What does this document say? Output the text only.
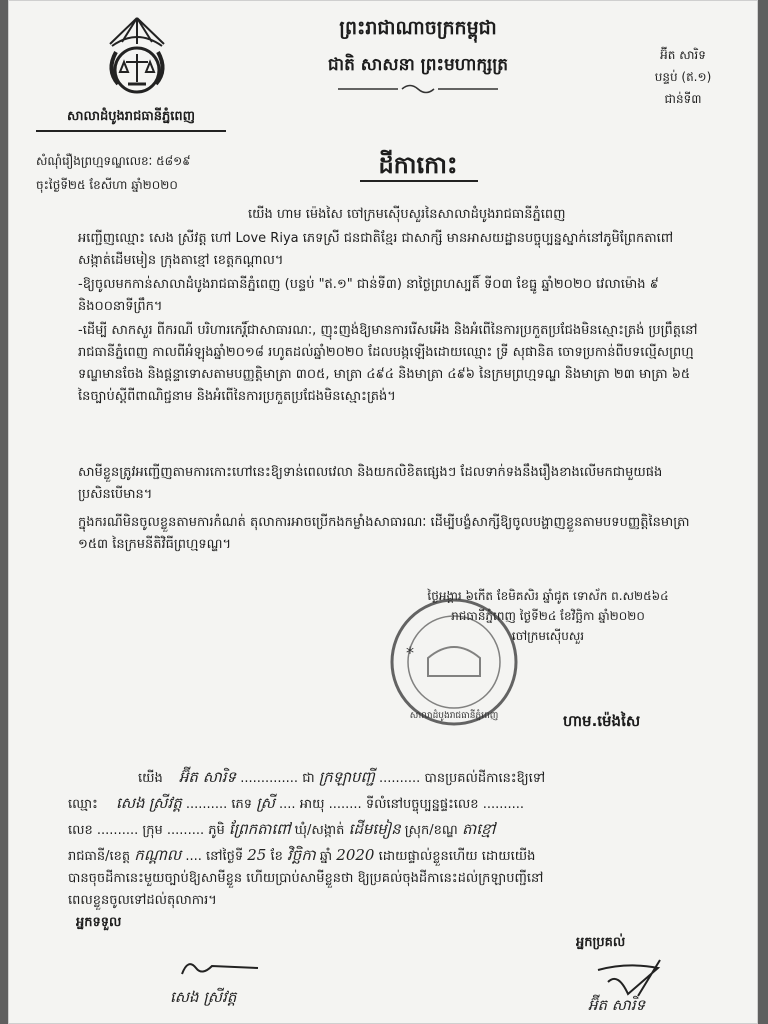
សាលាដំបូងរាជធានីភ្នំពេញ
ព្រះរាជាណាចក្រកម្ពុជា
ជាតិ សាសនា ព្រះមហាក្សត្រ	អ៊ីត សារិទ
បន្ទប់ (ឥ.១)
ជាន់ទី៣
សំណុំរឿងព្រហ្មទណ្ឌលេខៈ ៥៨១៩
ចុះថ្ងៃទី២៥ ខែសីហា ឆ្នាំ២០២០
ដីកាកោះ
យើង ហាម ម៉េងសៃ ចៅក្រមស៊ើបសួរនៃសាលាដំបូងរាជធានីភ្នំពេញ
អញ្ជើញឈ្មោះ សេង ស្រីវត្ត ហៅ Love Riya ភេទស្រី ជនជាតិខ្មែរ ជាសាក្សី មានអាសយដ្ឋានបច្ចុប្បន្នស្នាក់នៅភូមិព្រែកតាពៅ សង្កាត់ដើមមៀន ក្រុងតាខ្មៅ ខេត្តកណ្តាល។
-ឱ្យចូលមកកាន់សាលាដំបូងរាជធានីភ្នំពេញ (បន្ទប់ "ឥ.១" ជាន់ទី៣) នាថ្ងៃព្រហស្បតិ៍ ទី០៣ ខែធ្នូ ឆ្នាំ២០២០ វេលាម៉ោង ៩ និង០០នាទីព្រឹក។
-ដើម្បី សាកសួរ ពីករណី បរិហារកេរ្តិ៍ជាសាធារណៈ, ញុះញង់ឱ្យមានការរើសអើង និងអំពើនៃការប្រកួតប្រជែងមិនស្មោះត្រង់ ប្រព្រឹត្តនៅរាជធានីភ្នំពេញ កាលពីអំឡុងឆ្នាំ២០១៨ រហូតដល់ឆ្នាំ២០២០ ដែលបង្កឡើងដោយឈ្មោះ ទ្រី សុផានិត ចោទប្រកាន់ពីបទល្មើសព្រហ្មទណ្ឌមានចែង និងផ្តន្ទាទោសតាមបញ្ញត្តិមាត្រា ៣០៥, មាត្រា ៤៩៤ និងមាត្រា ៤៩៦ នៃក្រមព្រហ្មទណ្ឌ និងមាត្រា ២៣ មាត្រា ៦៥ នៃច្បាប់ស្តីពីពាណិជ្ជនាម និងអំពើនៃការប្រកួតប្រជែងមិនស្មោះត្រង់។
សាមីខ្លួនត្រូវអញ្ជើញតាមការកោះហៅនេះឱ្យទាន់ពេលវេលា និងយកលិខិតផ្សេងៗ ដែលទាក់ទងនឹងរឿងខាងលើមកជាមួយផង ប្រសិនបើមាន។
ក្នុងករណីមិនចូលខ្លួនតាមការកំណត់ តុលាការអាចប្រើកងកម្លាំងសាធារណៈ ដើម្បីបង្ខំសាក្សីឱ្យចូលបង្ហាញខ្លួនតាមបទបញ្ញត្តិនៃមាត្រា ១៥៣ នៃក្រមនីតិវិធីព្រហ្មទណ្ឌ។
ថ្ងៃអង្គារ ៦កើត ខែមិគសិរ ឆ្នាំជូត ទោស័ក ព.ស២៥៦៤
រាជធានីភ្នំពេញ ថ្ងៃទី២៤ ខែវិច្ឆិកា ឆ្នាំ២០២០
ចៅក្រមស៊ើបសួរ
សាលាដំបូងរាជធានីភ្នំពេញ
*
ហាម.ម៉េងសៃ
យើង អ៊ីត សារិទ .............. ជា ក្រឡាបញ្ជី .......... បានប្រគល់ដីកានេះឱ្យទៅ
ឈ្មោះ សេង ស្រីវត្ត .......... ភេទ ស្រី .... អាយុ ........ ទីលំនៅបច្ចុប្បន្នផ្ទះលេខ ..........
លេខ .......... ក្រុម ......... ភូមិ ព្រែកតាពៅ ឃុំ/សង្កាត់ ដើមមៀន ស្រុក/ខណ្ឌ តាខ្មៅ
រាជធានី/ខេត្ត កណ្តាល .... នៅថ្ងៃទី 25 ខែ វិច្ឆិកា ឆ្នាំ 2020 ដោយផ្ទាល់ខ្លួនហើយ ដោយយើង
បានចុចដីកានេះមួយច្បាប់ឱ្យសាមីខ្លួន ហើយប្រាប់សាមីខ្លួនថា ឱ្យប្រគល់ចុងដីកានេះដល់ក្រឡាបញ្ជីនៅ
ពេលខ្លួនចូលទៅដល់តុលាការ។
អ្នកទទួល
អ្នកប្រគល់
សេង ស្រីវត្ត	អ៊ីត សារិទ
